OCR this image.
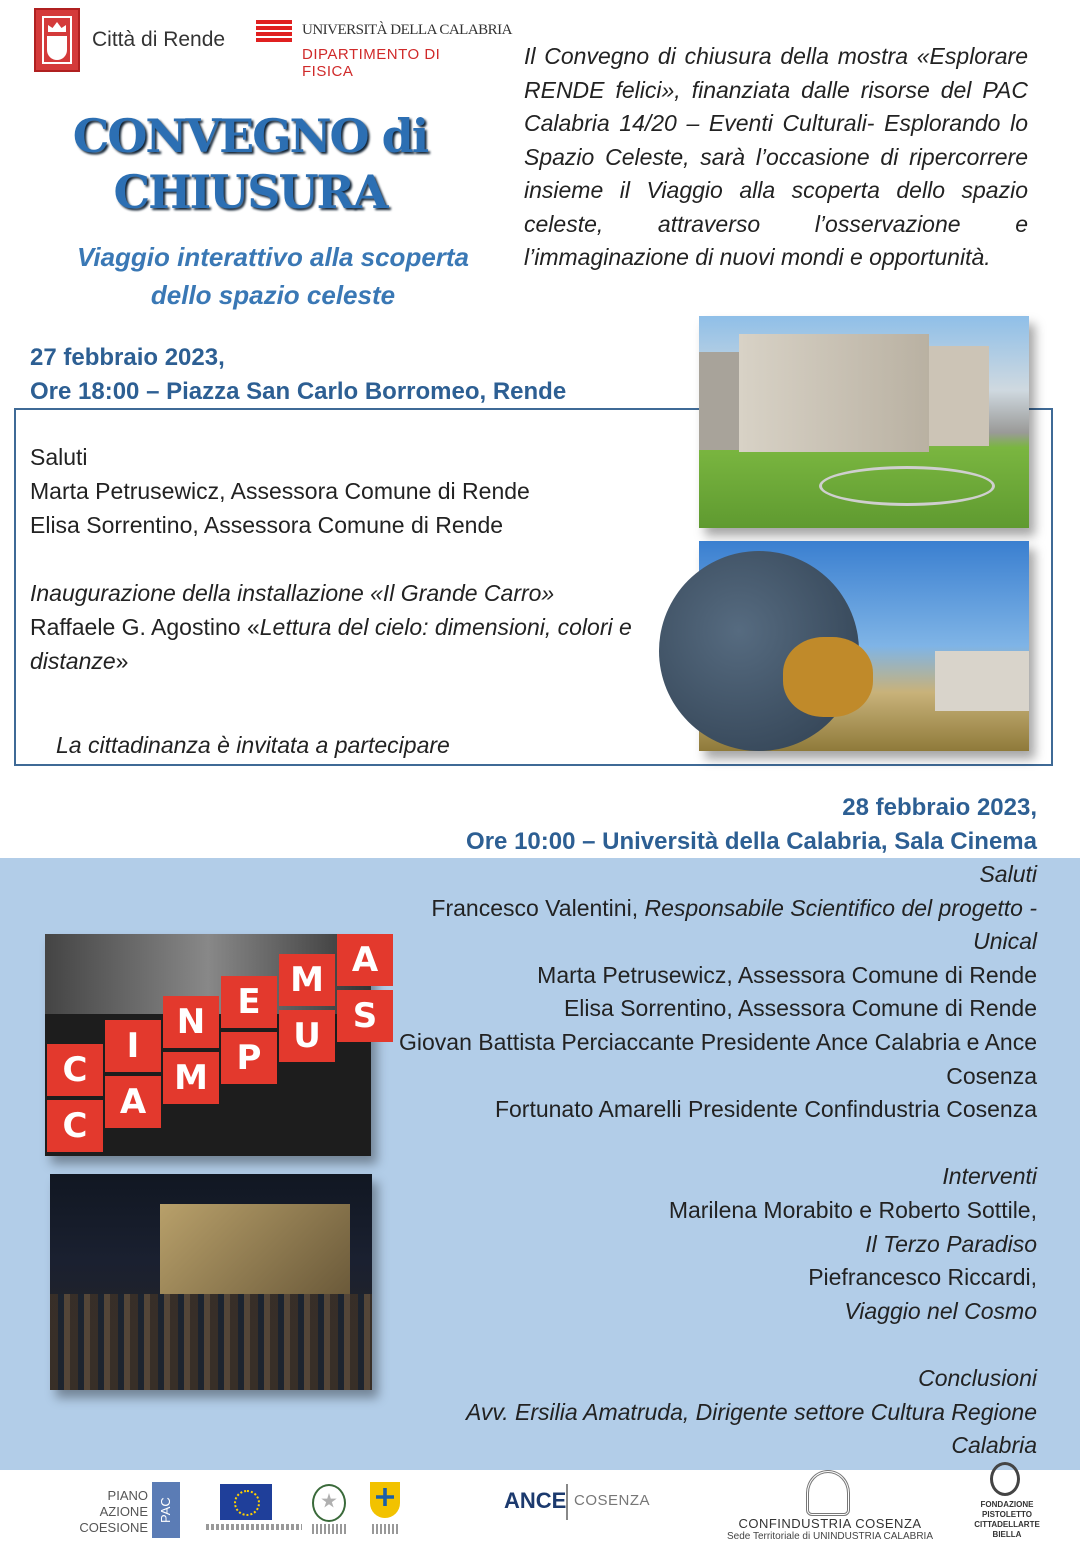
Città di Rende	UNIVERSITÀ DELLA CALABRIA
DIPARTIMENTO DI FISICA
CONVEGNO di
CHIUSURA
Viaggio interattivo alla scoperta
dello spazio celeste
Il Convegno di chiusura della mostra «Esplorare RENDE felici», finanziata dalle risorse del PAC Calabria 14/20 – Eventi Culturali- Esplorando lo Spazio Celeste, sarà l’occasione di ripercorrere insieme il Viaggio alla scoperta dello spazio celeste, attraverso l’osservazione e l’immaginazione di nuovi mondi e opportunità.
27 febbraio 2023,
Ore 18:00 – Piazza San Carlo Borromeo, Rende
Saluti
Marta Petrusewicz, Assessora Comune di Rende
Elisa Sorrentino, Assessora Comune di Rende
Inaugurazione della installazione «Il Grande Carro»
Raffaele G. Agostino «Lettura del cielo: dimensioni, colori e distanze»
La cittadinanza è invitata a partecipare
28 febbraio 2023,
Ore 10:00 – Università della Calabria, Sala Cinema
Saluti
Francesco Valentini, Responsabile Scientifico del progetto -Unical
Marta Petrusewicz, Assessora Comune di Rende
Elisa Sorrentino, Assessora Comune di Rende
Giovan Battista Perciaccante Presidente Ance Calabria e Ance Cosenza
Fortunato Amarelli Presidente Confindustria Cosenza
Interventi
Marilena Morabito e Roberto Sottile,
Il Terzo Paradiso
Piefrancesco Riccardi,
Viaggio nel Cosmo
Conclusioni
Avv. Ersilia Amatruda, Dirigente settore Cultura Regione Calabria
C
I
N E
M A
C
A
M P
U S
PIANO
AZIONE
COESIONE
PAC	ANCE COSENZA
CONFINDUSTRIA COSENZA
Sede Territoriale di UNINDUSTRIA CALABRIA
FONDAZIONE
PISTOLETTO
CITTADELLARTE
BIELLA
